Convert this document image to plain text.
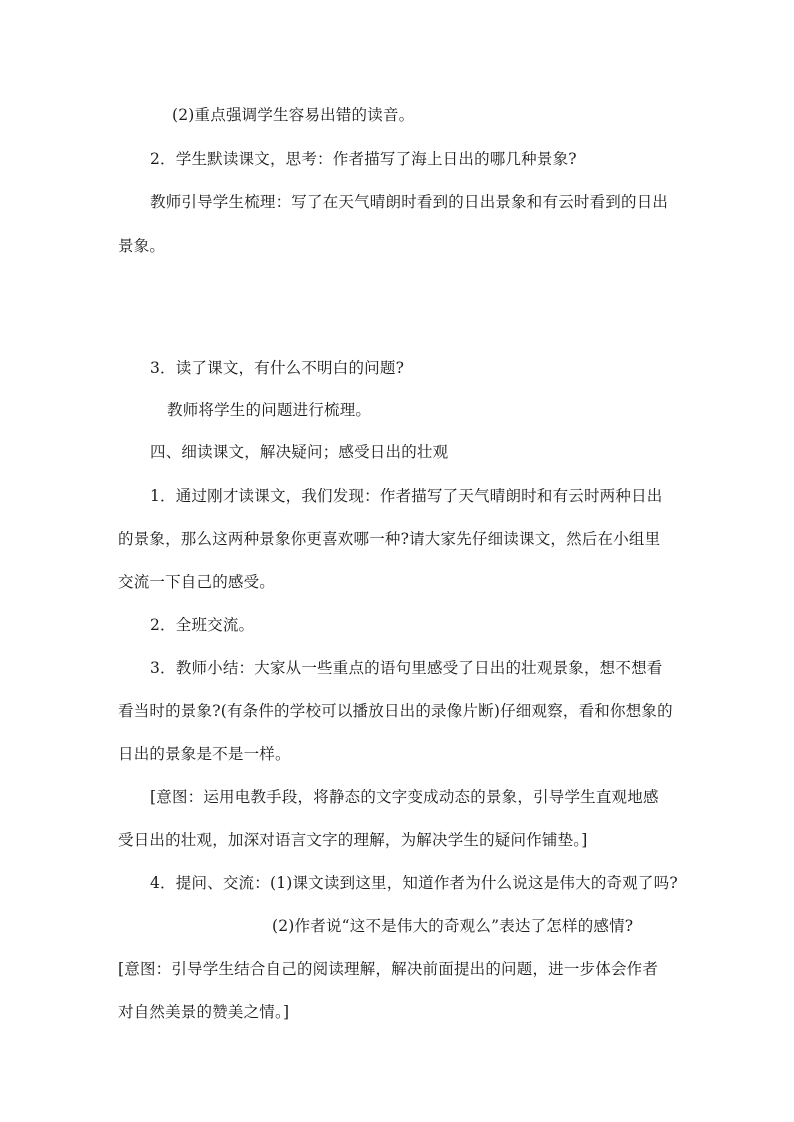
(2)重点强调学生容易出错的读音。
2．学生默读课文，思考：作者描写了海上日出的哪几种景象?
教师引导学生梳理：写了在天气晴朗时看到的日出景象和有云时看到的日出
景象。
3．读了课文，有什么不明白的问题?
教师将学生的问题进行梳理。
四、细读课文，解决疑问；感受日出的壮观
1．通过刚才读课文，我们发现：作者描写了天气晴朗时和有云时两种日出
的景象，那么这两种景象你更喜欢哪一种?请大家先仔细读课文，然后在小组里
交流一下自己的感受。
2．全班交流。
3．教师小结：大家从一些重点的语句里感受了日出的壮观景象，想不想看
看当时的景象?(有条件的学校可以播放日出的录像片断)仔细观察，看和你想象的
日出的景象是不是一样。
[意图：运用电教手段，将静态的文字变成动态的景象，引导学生直观地感
受日出的壮观，加深对语言文字的理解，为解决学生的疑问作铺垫。]
4．提问、交流：(1)课文读到这里，知道作者为什么说这是伟大的奇观了吗?
(2)作者说“这不是伟大的奇观么”表达了怎样的感情?
[意图：引导学生结合自己的阅读理解，解决前面提出的问题，进一步体会作者
对自然美景的赞美之情。]
